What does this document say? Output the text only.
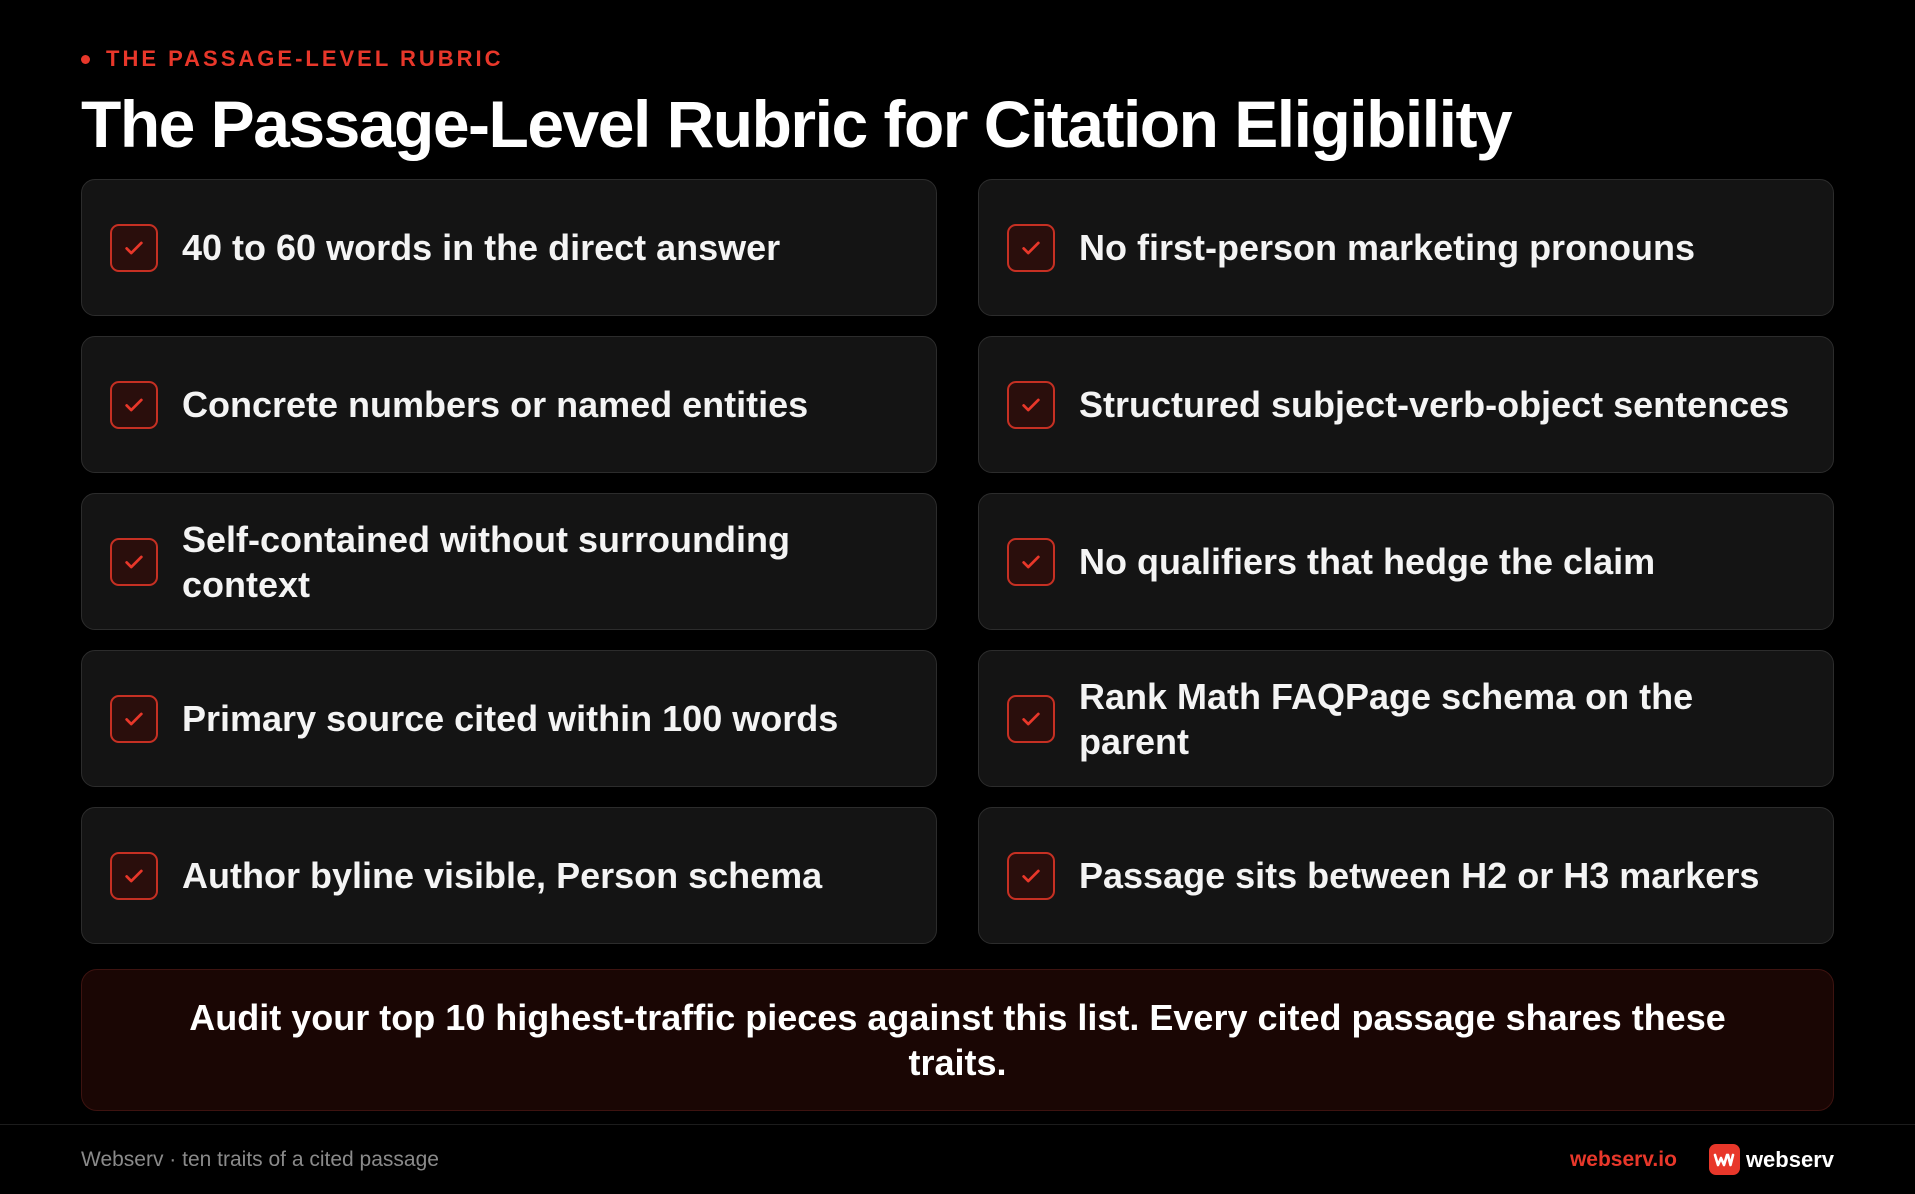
THE PASSAGE-LEVEL RUBRIC
The Passage-Level Rubric for Citation Eligibility
40 to 60 words in the direct answer	No first-person marketing pronouns
Concrete numbers or named entities	Structured subject-verb-object sentences
Self-contained without surrounding context
No qualifiers that hedge the claim
Primary source cited within 100 words
Rank Math FAQPage schema on the parent
Author byline visible, Person schema	Passage sits between H2 or H3 markers

Audit your top 10 highest-traffic pieces against this list. Every cited passage shares these traits.

Webserv · ten traits of a cited passage	webserv.io	webserv
